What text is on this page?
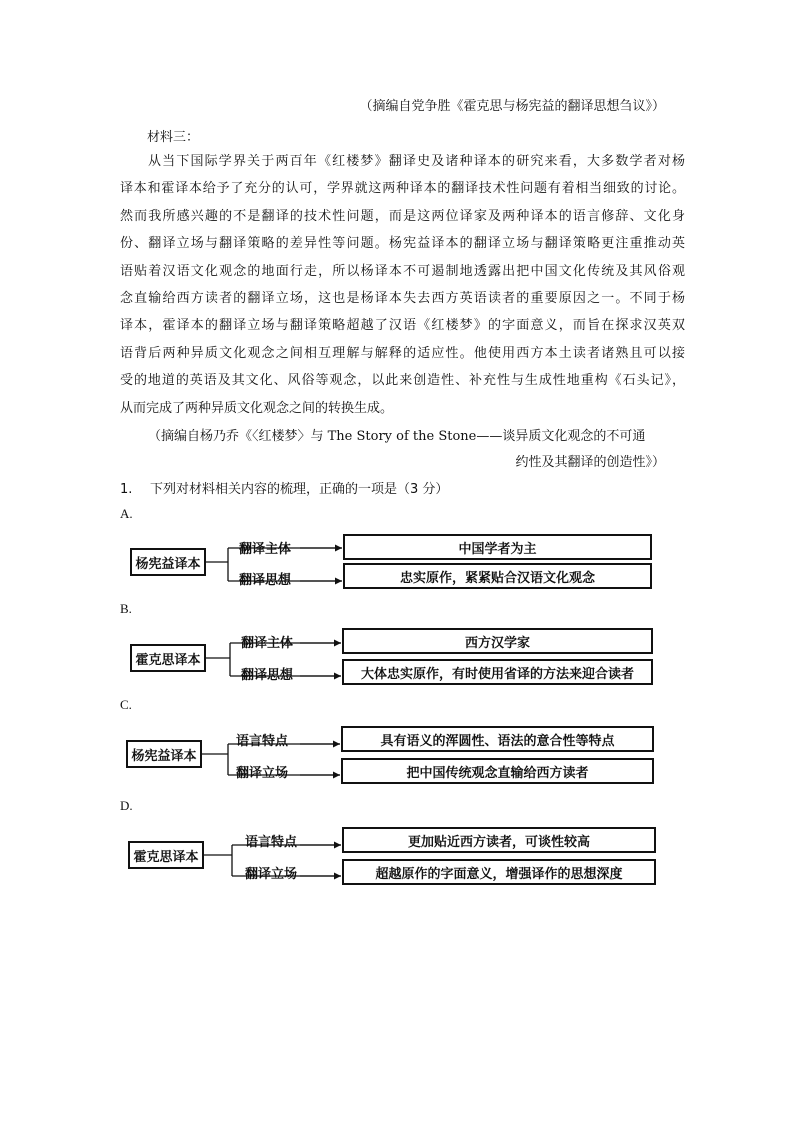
（摘编自党争胜《霍克思与杨宪益的翻译思想刍议》）
材料三：
从当下国际学界关于两百年《红楼梦》翻译史及诸种译本的研究来看，大多数学者对杨
译本和霍译本给予了充分的认可，学界就这两种译本的翻译技术性问题有着相当细致的讨论。
然而我所感兴趣的不是翻译的技术性问题，而是这两位译家及两种译本的语言修辞、文化身
份、翻译立场与翻译策略的差异性等问题。杨宪益译本的翻译立场与翻译策略更注重推动英
语贴着汉语文化观念的地面行走，所以杨译本不可遏制地透露出把中国文化传统及其风俗观
念直输给西方读者的翻译立场，这也是杨译本失去西方英语读者的重要原因之一。不同于杨
译本，霍译本的翻译立场与翻译策略超越了汉语《红楼梦》的字面意义，而旨在探求汉英双
语背后两种异质文化观念之间相互理解与解释的适应性。他使用西方本土读者诸熟且可以接
受的地道的英语及其文化、风俗等观念，以此来创造性、补充性与生成性地重构《石头记》，
从而完成了两种异质文化观念之间的转换生成。
（摘编自杨乃乔《〈红楼梦〉与 The Story of the Stone——谈异质文化观念的不可通
约性及其翻译的创造性》）
1. 下列对材料相关内容的梳理，正确的一项是（3 分）
A.
杨宪益译本
翻译主体
翻译思想
中国学者为主
忠实原作，紧紧贴合汉语文化观念
B.
霍克思译本
翻译主体
翻译思想
西方汉学家
大体忠实原作，有时使用省译的方法来迎合读者
C.
杨宪益译本
语言特点
翻译立场
具有语义的浑圆性、语法的意合性等特点
把中国传统观念直输给西方读者
D.
霍克思译本
语言特点
翻译立场
更加贴近西方读者，可谈性较高
超越原作的字面意义，增强译作的思想深度
